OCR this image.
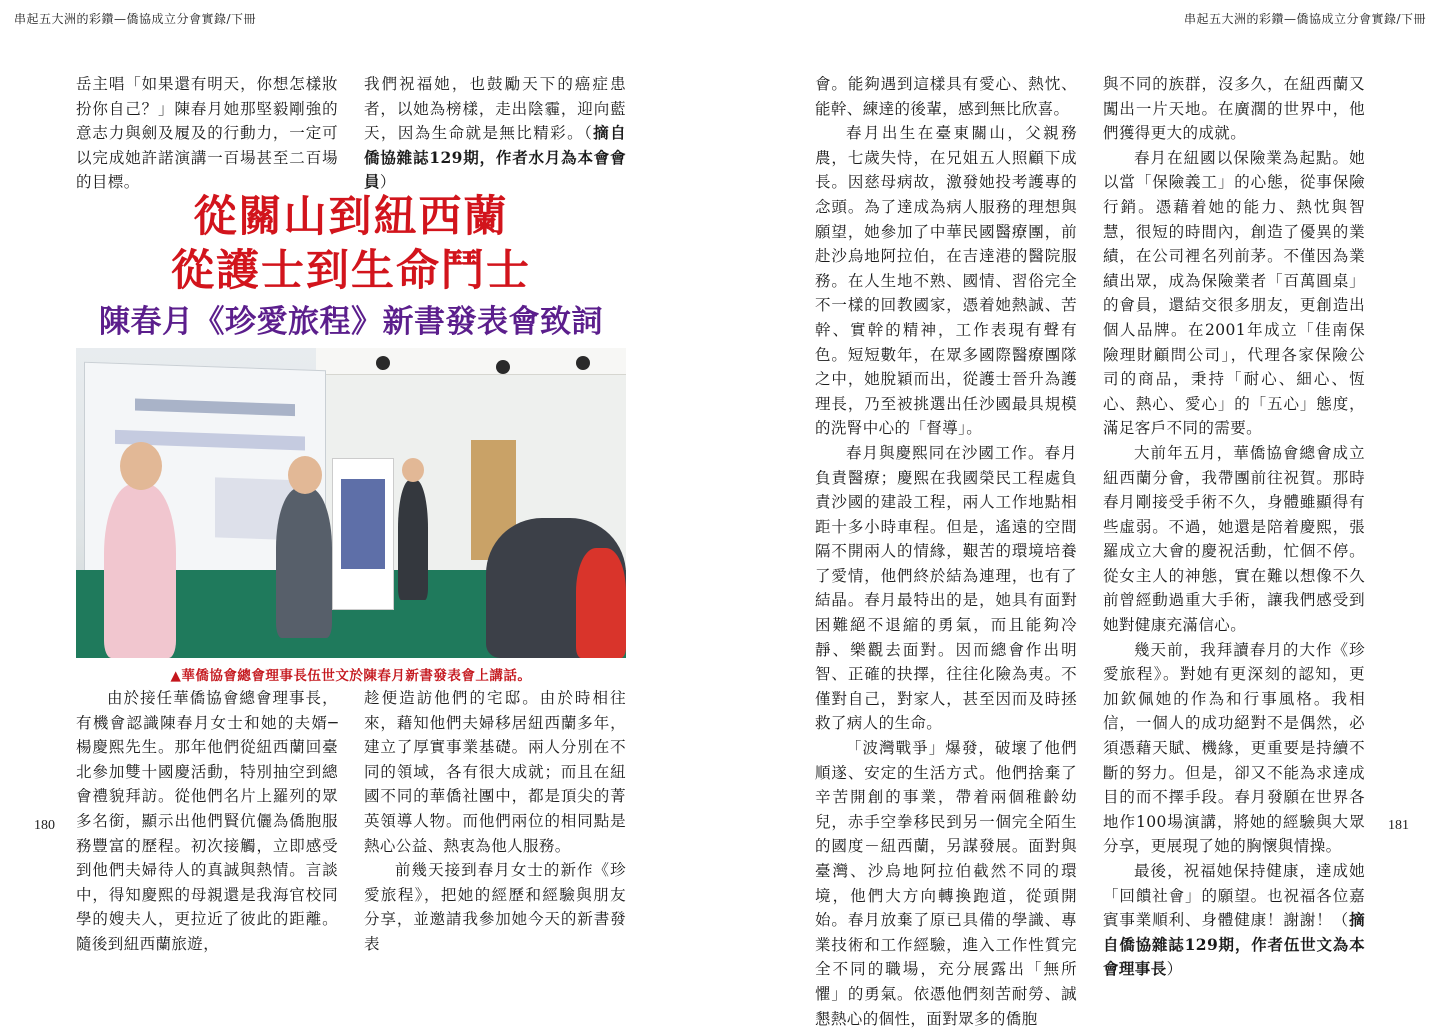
串起五大洲的彩鑽—僑協成立分會實錄/下冊

岳主唱「如果還有明天，你想怎樣妝扮你自己？」陳春月她那堅毅剛強的意志力與劍及履及的行動力，一定可以完成她許諾演講一百場甚至二百場的目標。

我們祝福她，也鼓勵天下的癌症患者，以她為榜樣，走出陰霾，迎向藍天，因為生命就是無比精彩。（摘自僑協雜誌129期，作者水月為本會會員）

從關山到紐西蘭
從護士到生命鬥士
陳春月《珍愛旅程》新書發表會致詞
▲華僑協會總會理事長伍世文於陳春月新書發表會上講話。

由於接任華僑協會總會理事長，有機會認識陳春月女士和她的夫婿─楊慶熙先生。那年他們從紐西蘭回臺北參加雙十國慶活動，特別抽空到總會禮貌拜訪。從他們名片上羅列的眾多名銜，顯示出他們賢伉儷為僑胞服務豐富的歷程。初次接觸，立即感受到他們夫婦待人的真誠與熱情。言談中，得知慶熙的母親還是我海官校同學的嫂夫人，更拉近了彼此的距離。隨後到紐西蘭旅遊，

趁便造訪他們的宅邸。由於時相往來，藉知他們夫婦移居紐西蘭多年，建立了厚實事業基礎。兩人分別在不同的領域，各有很大成就；而且在紐國不同的華僑社團中，都是頂尖的菁英領導人物。而他們兩位的相同點是熱心公益、熱衷為他人服務。

前幾天接到春月女士的新作《珍愛旅程》，把她的經歷和經驗與朋友分享，並邀請我參加她今天的新書發表

180
串起五大洲的彩鑽—僑協成立分會實錄/下冊

會。能夠遇到這樣具有愛心、熱忱、能幹、練達的後輩，感到無比欣喜。

春月出生在臺東關山，父親務農，七歲失恃，在兄姐五人照顧下成長。因慈母病故，激發她投考護專的念頭。為了達成為病人服務的理想與願望，她參加了中華民國醫療團，前赴沙烏地阿拉伯，在吉達港的醫院服務。在人生地不熟、國情、習俗完全不一樣的回教國家，憑着她熱誠、苦幹、實幹的精神，工作表現有聲有色。短短數年，在眾多國際醫療團隊之中，她脫穎而出，從護士晉升為護理長，乃至被挑選出任沙國最具規模的洗腎中心的「督導」。

春月與慶熙同在沙國工作。春月負責醫療；慶熙在我國榮民工程處負責沙國的建設工程，兩人工作地點相距十多小時車程。但是，遙遠的空間隔不開兩人的情緣，艱苦的環境培養了愛情，他們終於結為連理，也有了結晶。春月最特出的是，她具有面對困難絕不退縮的勇氣，而且能夠冷靜、樂觀去面對。因而總會作出明智、正確的抉擇，往往化險為夷。不僅對自己，對家人，甚至因而及時拯救了病人的生命。

「波灣戰爭」爆發，破壞了他們順遂、安定的生活方式。他們捨棄了辛苦開創的事業，帶着兩個稚齡幼兒，赤手空拳移民到另一個完全陌生的國度－紐西蘭，另謀發展。面對與臺灣、沙烏地阿拉伯截然不同的環境，他們大方向轉換跑道，從頭開始。春月放棄了原已具備的學識、專業技術和工作經驗，進入工作性質完全不同的職場，充分展露出「無所懼」的勇氣。依憑他們刻苦耐勞、誠懇熱心的個性，面對眾多的僑胞

與不同的族群，沒多久，在紐西蘭又闖出一片天地。在廣濶的世界中，他們獲得更大的成就。

春月在紐國以保險業為起點。她以當「保險義工」的心態，從事保險行銷。憑藉着她的能力、熱忱與智慧，很短的時間內，創造了優異的業績，在公司裡名列前茅。不僅因為業績出眾，成為保險業者「百萬圓桌」的會員，還結交很多朋友，更創造出個人品牌。在2001年成立「佳南保險理財顧問公司」，代理各家保險公司的商品，秉持「耐心、細心、恆心、熱心、愛心」的「五心」態度，滿足客戶不同的需要。

大前年五月，華僑協會總會成立紐西蘭分會，我帶團前往祝賀。那時春月剛接受手術不久，身體雖顯得有些虛弱。不過，她還是陪着慶熙，張羅成立大會的慶祝活動，忙個不停。從女主人的神態，實在難以想像不久前曾經動過重大手術，讓我們感受到她對健康充滿信心。

幾天前，我拜讀春月的大作《珍愛旅程》。對她有更深刻的認知，更加欽佩她的作為和行事風格。我相信，一個人的成功絕對不是偶然，必須憑藉天賦、機緣，更重要是持續不斷的努力。但是，卻又不能為求達成目的而不擇手段。春月發願在世界各地作100場演講，將她的經驗與大眾分享，更展現了她的胸懷與情操。

最後，祝福她保持健康，達成她「回饋社會」的願望。也祝福各位嘉賓事業順利、身體健康！謝謝！（摘自僑協雜誌129期，作者伍世文為本會理事長）

181
